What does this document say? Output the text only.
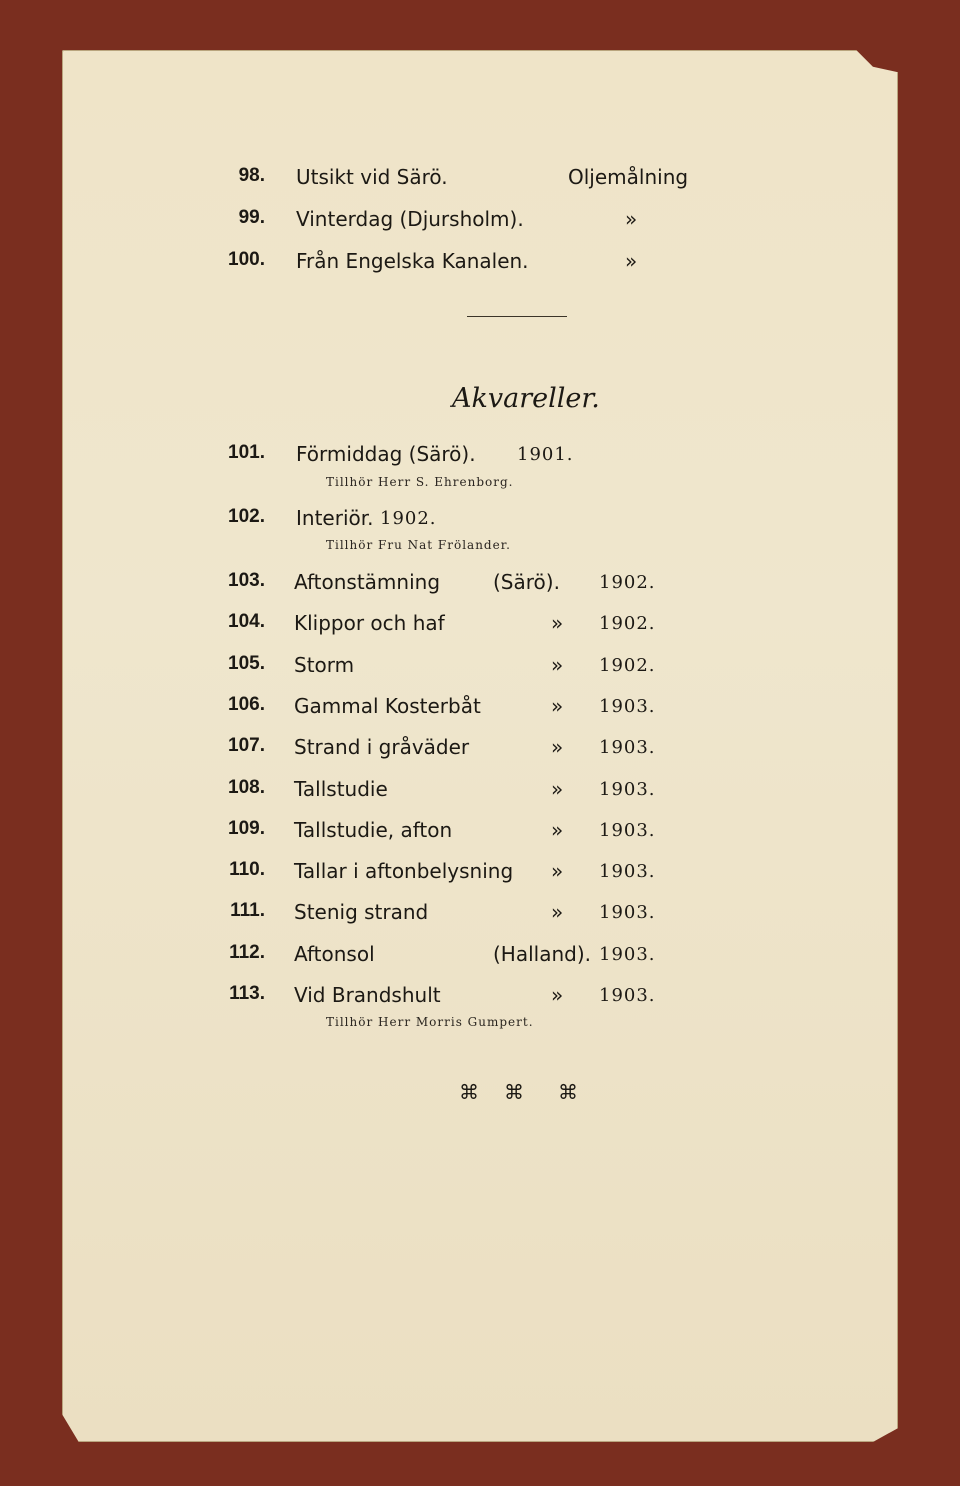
98. Utsikt vid Särö.	Oljemålning
99. Vinterdag (Djursholm).	»
100. Från Engelska Kanalen.	»
Akvareller.
101. Förmiddag (Särö). 1901.
Tillhör Herr S. Ehrenborg.
102. Interiör. 1902.
Tillhör Fru Nat Frölander.
103. Aftonstämning	(Särö). 1902.
104. Klippor och haf	» 1902.
105. Storm	» 1902.
106. Gammal Kosterbåt	» 1903.
107. Strand i gråväder	» 1903.
108. Tallstudie	» 1903.
109. Tallstudie, afton	» 1903.
110. Tallar i aftonbelysning » 1903.
111. Stenig strand	» 1903.
112. Aftonsol	(Halland). 1903.
113. Vid Brandshult	» 1903.
Tillhör Herr Morris Gumpert.
⌘ ⌘ ⌘
